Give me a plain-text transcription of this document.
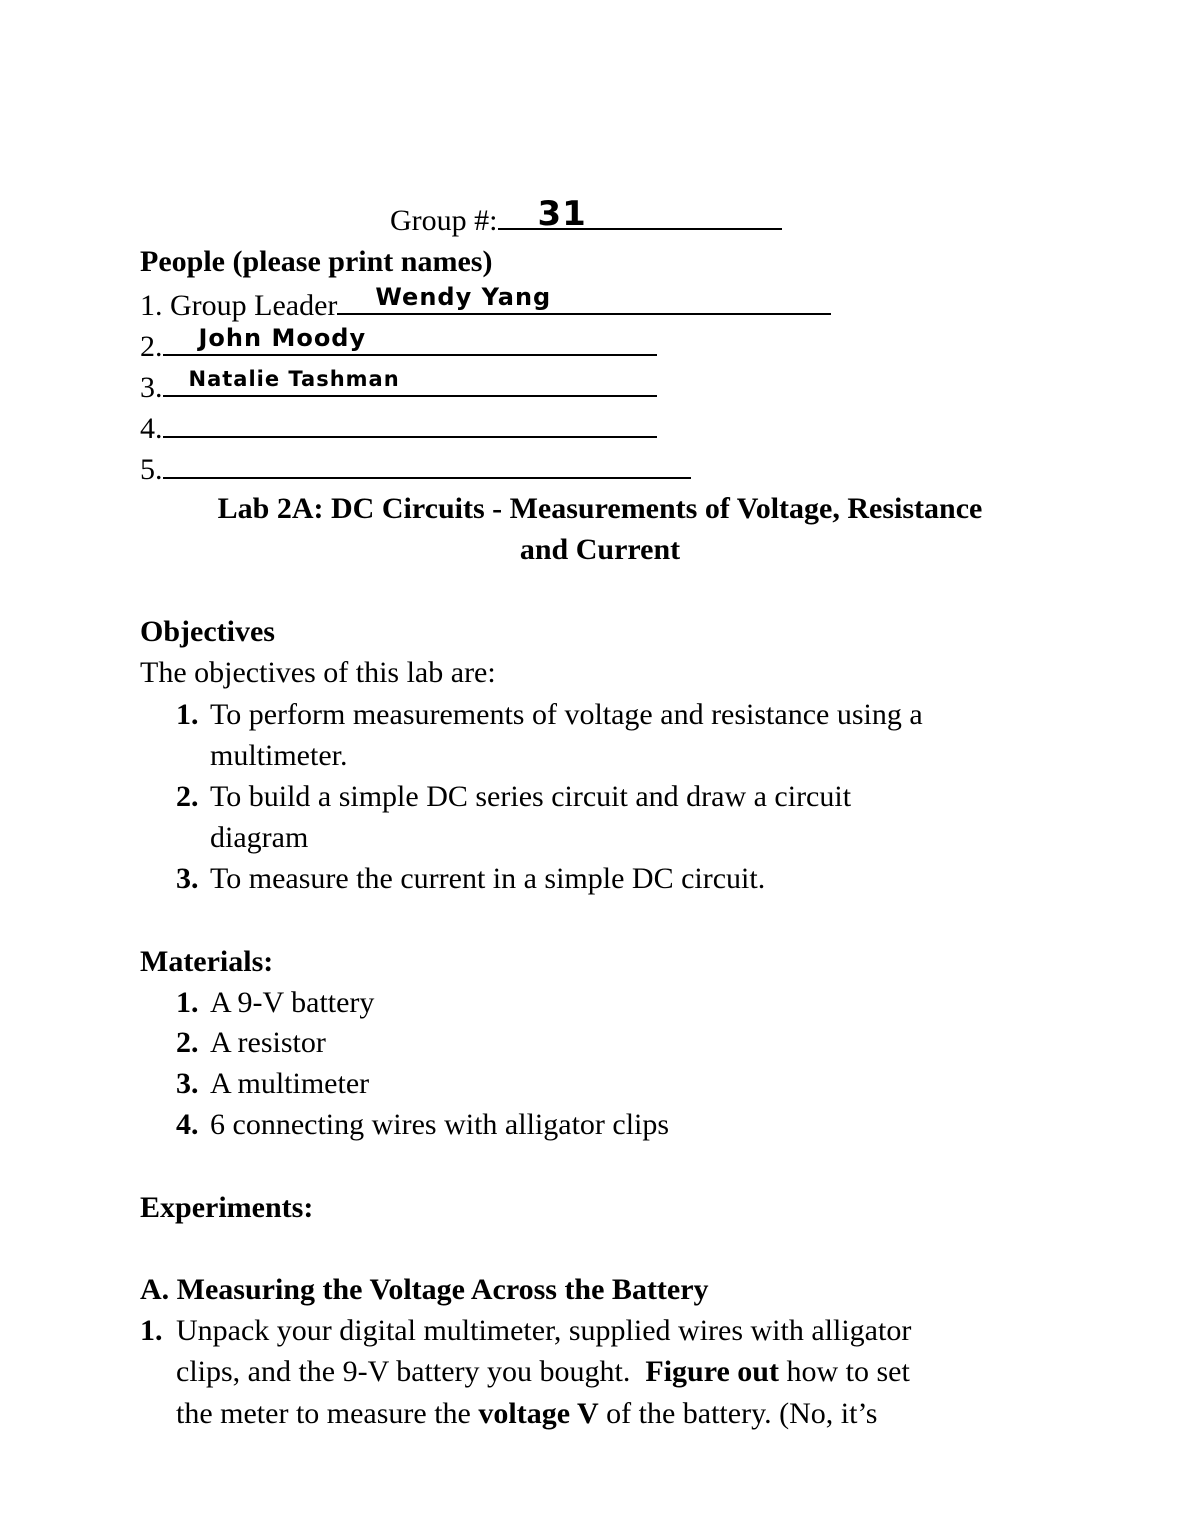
Group #: 31
People (please print names)
1. Group Leader Wendy Yang
2. John Moody
3. Natalie Tashman
4.
5.
Lab 2A: DC Circuits - Measurements of Voltage, Resistance
and Current
Objectives
The objectives of this lab are:
1. To perform measurements of voltage and resistance using a
multimeter.
2. To build a simple DC series circuit and draw a circuit
diagram
3. To measure the current in a simple DC circuit.
Materials:
1. A 9-V battery
2. A resistor
3. A multimeter
4. 6 connecting wires with alligator clips
Experiments:
A. Measuring the Voltage Across the Battery
1. Unpack your digital multimeter, supplied wires with alligator
clips, and the 9-V battery you bought. Figure out how to set
the meter to measure the voltage V of the battery. (No, it’s
